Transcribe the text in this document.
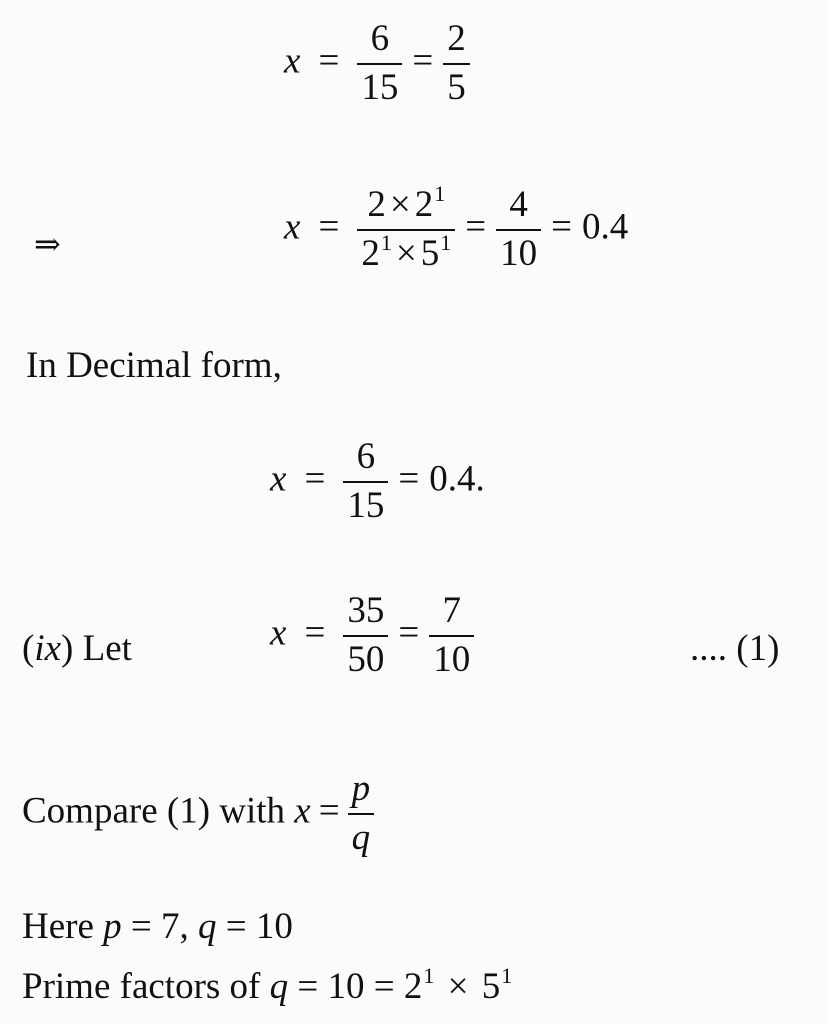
$x = \frac{6}{15} = \frac{2}{5}$
⇒	$x = \frac{2 \times 2^1}{2^1 \times 5^1} = \frac{4}{10} = 0.4$
In Decimal form,
$x = \frac{6}{15} = 0.4$.
(ix) Let	$x = \frac{35}{50} = \frac{7}{10}$	.... (1)
Compare (1) with $x = \frac{p}{q}$
Here p = 7, q = 10
Prime factors of $q = 10 = 2^1 \times 5^1$
